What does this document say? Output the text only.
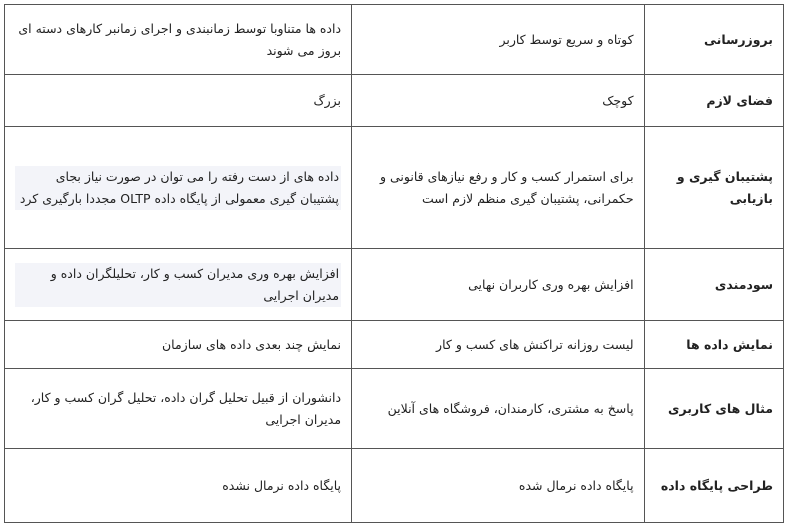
بروزرسانی	کوتاه و سریع توسط کاربر	داده ها متناوبا توسط زمانبندی و اجرای زمانبر کارهای دسته ای بروز می شوند
فضای لازم	کوچک	بزرگ
پشتیبان گیری و بازیابی	برای استمرار کسب و کار و رفع نیازهای قانونی و حکمرانی، پشتیبان گیری منظم لازم است	داده های از دست رفته را می توان در صورت نیاز بجای پشتیبان گیری معمولی از پایگاه داده OLTP مجددا بارگیری کرد
سودمندی	افزایش بهره وری کاربران نهایی	افزایش بهره وری مدیران کسب و کار، تحلیلگران داده و مدیران اجرایی
نمایش داده ها	لیست روزانه تراکنش های کسب و کار	نمایش چند بعدی داده های سازمان
مثال های کاربری	پاسخ به مشتری، کارمندان، فروشگاه های آنلاین	دانشوران از قبیل تحلیل گران داده، تحلیل گران کسب و کار، مدیران اجرایی
طراحی پایگاه داده	پایگاه داده نرمال شده	پایگاه داده نرمال نشده
